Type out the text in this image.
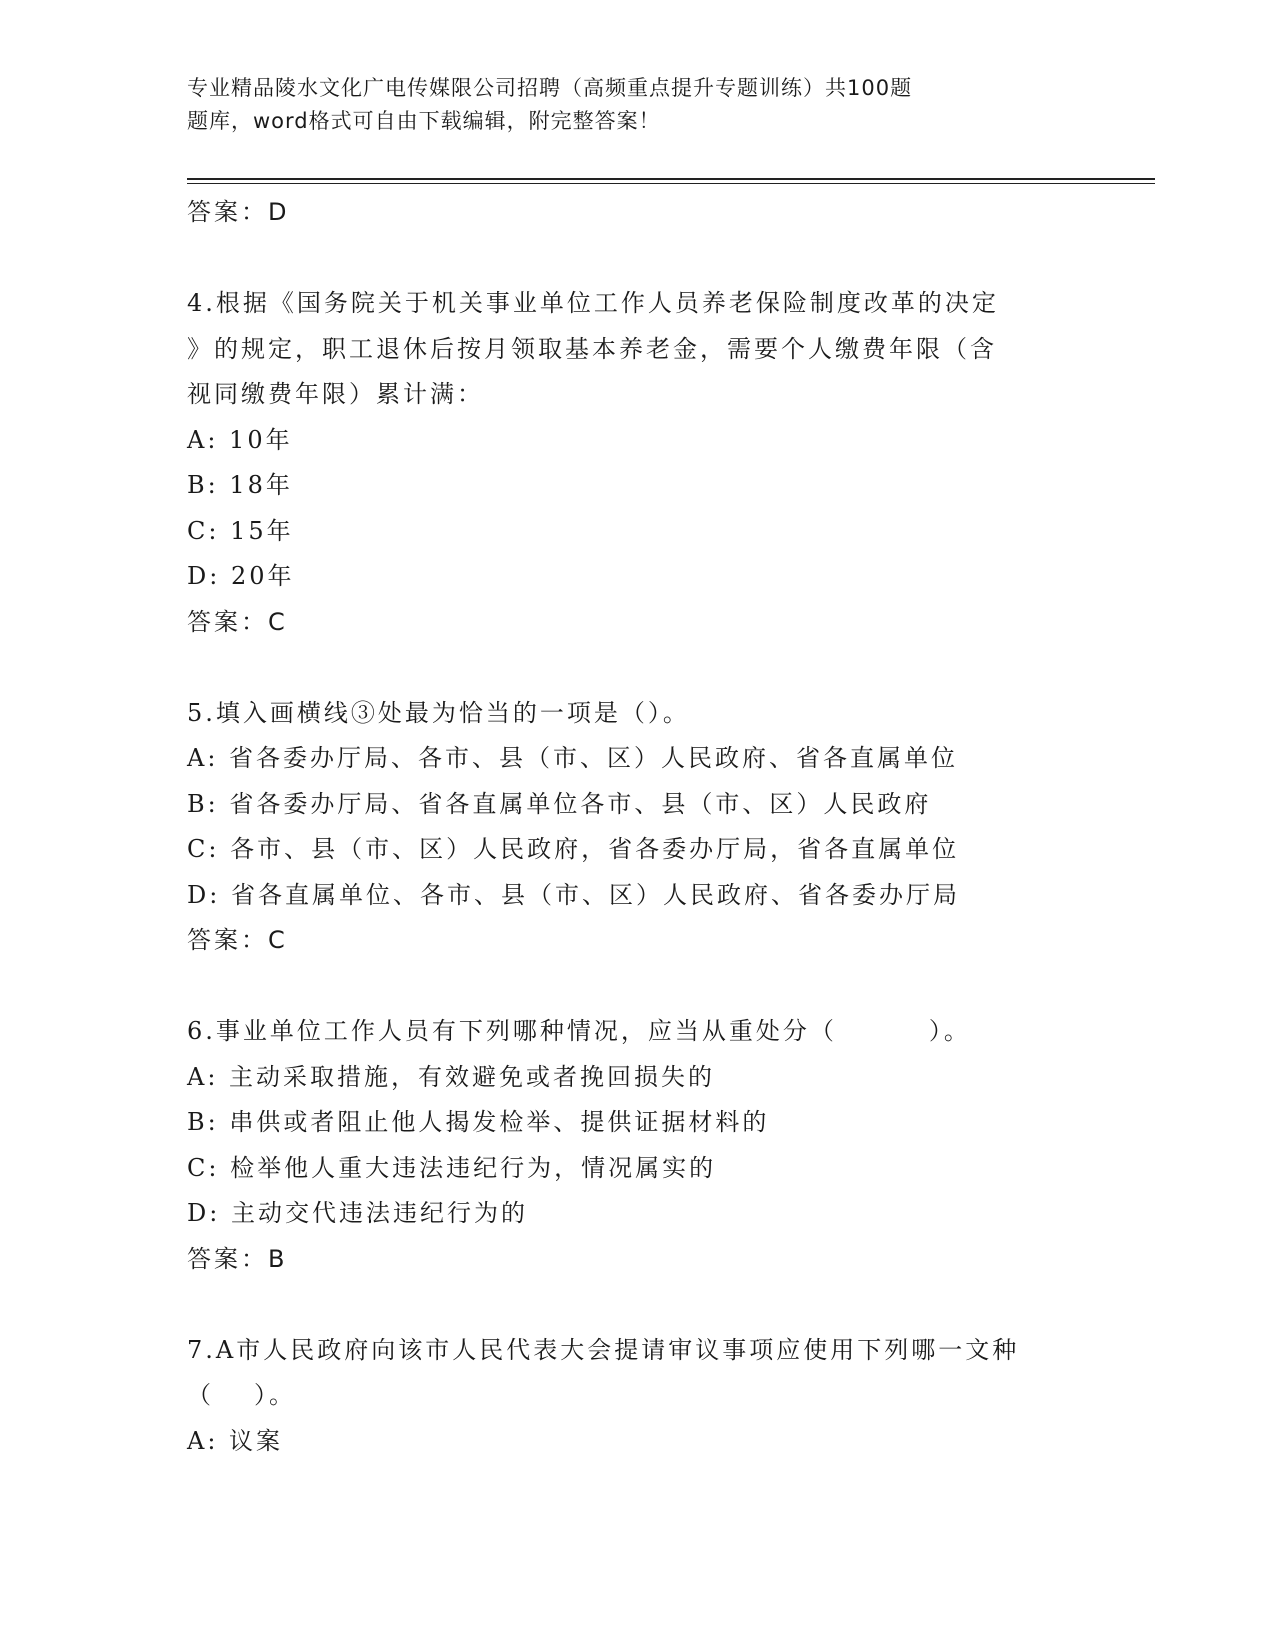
专业精品陵水文化广电传媒限公司招聘（高频重点提升专题训练）共100题
题库，word格式可自由下载编辑，附完整答案！
答案：D
4.根据《国务院关于机关事业单位工作人员养老保险制度改革的决定
》的规定，职工退休后按月领取基本养老金，需要个人缴费年限（含
视同缴费年限）累计满：
A: 10年
B: 18年
C: 15年
D: 20年
答案：C
5.填入画横线③处最为恰当的一项是（）。
A: 省各委办厅局、各市、县（市、区）人民政府、省各直属单位
B: 省各委办厅局、省各直属单位各市、县（市、区）人民政府
C: 各市、县（市、区）人民政府，省各委办厅局，省各直属单位
D: 省各直属单位、各市、县（市、区）人民政府、省各委办厅局
答案：C
6.事业单位工作人员有下列哪种情况，应当从重处分（	）。
A: 主动采取措施，有效避免或者挽回损失的
B: 串供或者阻止他人揭发检举、提供证据材料的
C: 检举他人重大违法违纪行为，情况属实的
D: 主动交代违法违纪行为的
答案：B
7.A市人民政府向该市人民代表大会提请审议事项应使用下列哪一文种
（ ）。
A: 议案
